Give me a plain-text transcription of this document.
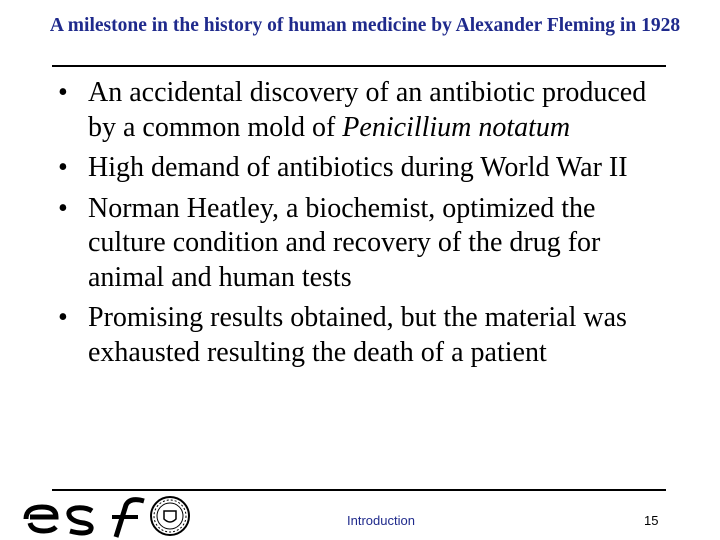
A milestone in the history of human medicine by Alexander Fleming in 1928
• An accidental discovery of an antibiotic produced by a common mold of Penicillium notatum
• High demand of antibiotics during World War II
• Norman Heatley, a biochemist, optimized the culture condition and recovery of the drug for animal and human tests
• Promising results obtained, but the material was exhausted resulting the death of a patient
Introduction	15
